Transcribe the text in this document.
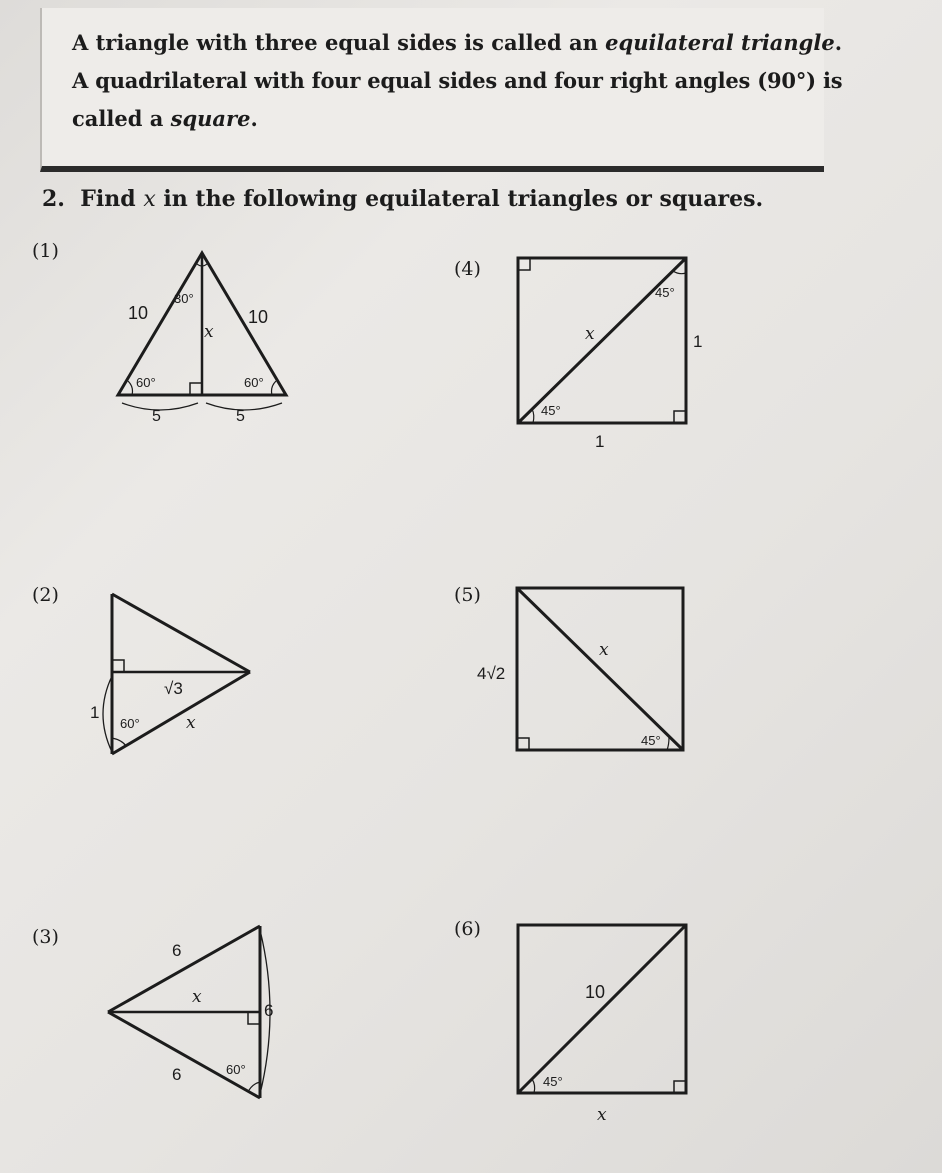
A triangle with three equal sides is called an equilateral triangle.
A quadrilateral with four equal sides and four right angles (90°) is
called a square.
2. Find x in the following equilateral triangles or squares.
(1)
(2)
(3)
(4)
(5)
(6)
10	10
30°
x
60°	60°
5	5
1
√3
60°	x
6
x
6
6	60°
45°
x	1
45°
1
x
4√2
45°
10
45°
x
